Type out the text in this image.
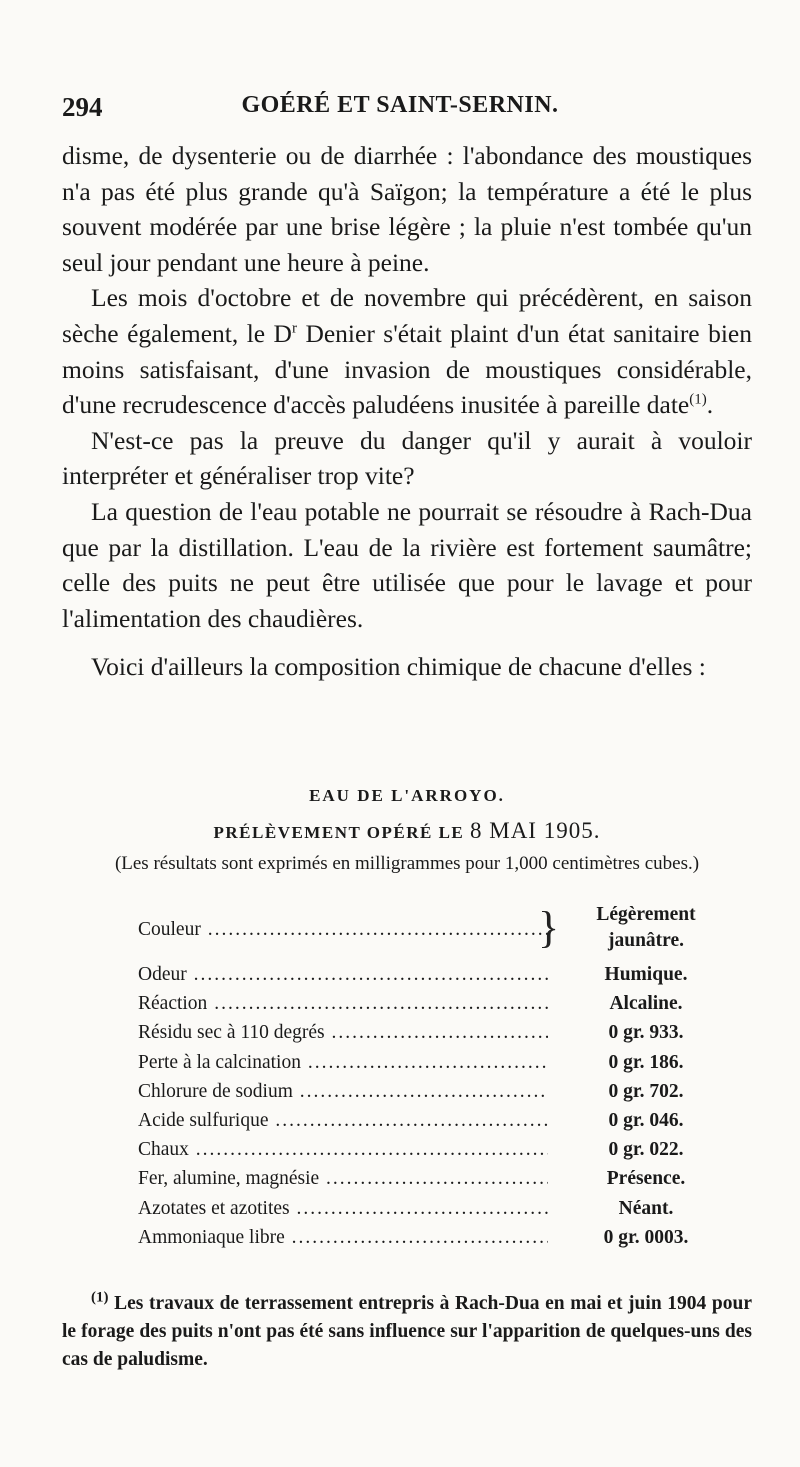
294	GOÉRÉ ET SAINT-SERNIN.

disme, de dysenterie ou de diarrhée : l'abondance des moustiques n'a pas été plus grande qu'à Saïgon; la température a été le plus souvent modérée par une brise légère ; la pluie n'est tombée qu'un seul jour pendant une heure à peine.

Les mois d'octobre et de novembre qui précédèrent, en saison sèche également, le $D^r$ Denier s'était plaint d'un état sanitaire bien moins satisfaisant, d'une invasion de moustiques considérable, d'une recrudescence d'accès paludéens inusitée à pareille date$^{(1)}$.

N'est-ce pas la preuve du danger qu'il y aurait à vouloir interpréter et généraliser trop vite?

La question de l'eau potable ne pourrait se résoudre à Rach-Dua que par la distillation. L'eau de la rivière est fortement saumâtre; celle des puits ne peut être utilisée que pour le lavage et pour l'alimentation des chaudières.

Voici d'ailleurs la composition chimique de chacune d'elles :

EAU DE L'ARROYO.
PRÉLÈVEMENT OPÉRÉ LE 8 MAI 1905.
(Les résultats sont exprimés en milligrammes pour 1,000 centimètres cubes.)
Couleur .....	}	Légèrement
jaunâtre.
Odeur .....	Humique.
Réaction .....	Alcaline.
Résidu sec à 110 degrés .....	0 gr. 933.
Perte à la calcination .....	0 gr. 186.
Chlorure de sodium .....	0 gr. 702.
Acide sulfurique .....	0 gr. 046.
Chaux .....	0 gr. 022.
Fer, alumine, magnésie .....	Présence.
Azotates et azotites .....	Néant.
Ammoniaque libre .....	0 gr. 0003.

$^{(1)}$ Les travaux de terrassement entrepris à Rach-Dua en mai et juin 1904 pour le forage des puits n'ont pas été sans influence sur l'apparition de quelques-uns des cas de paludisme.
